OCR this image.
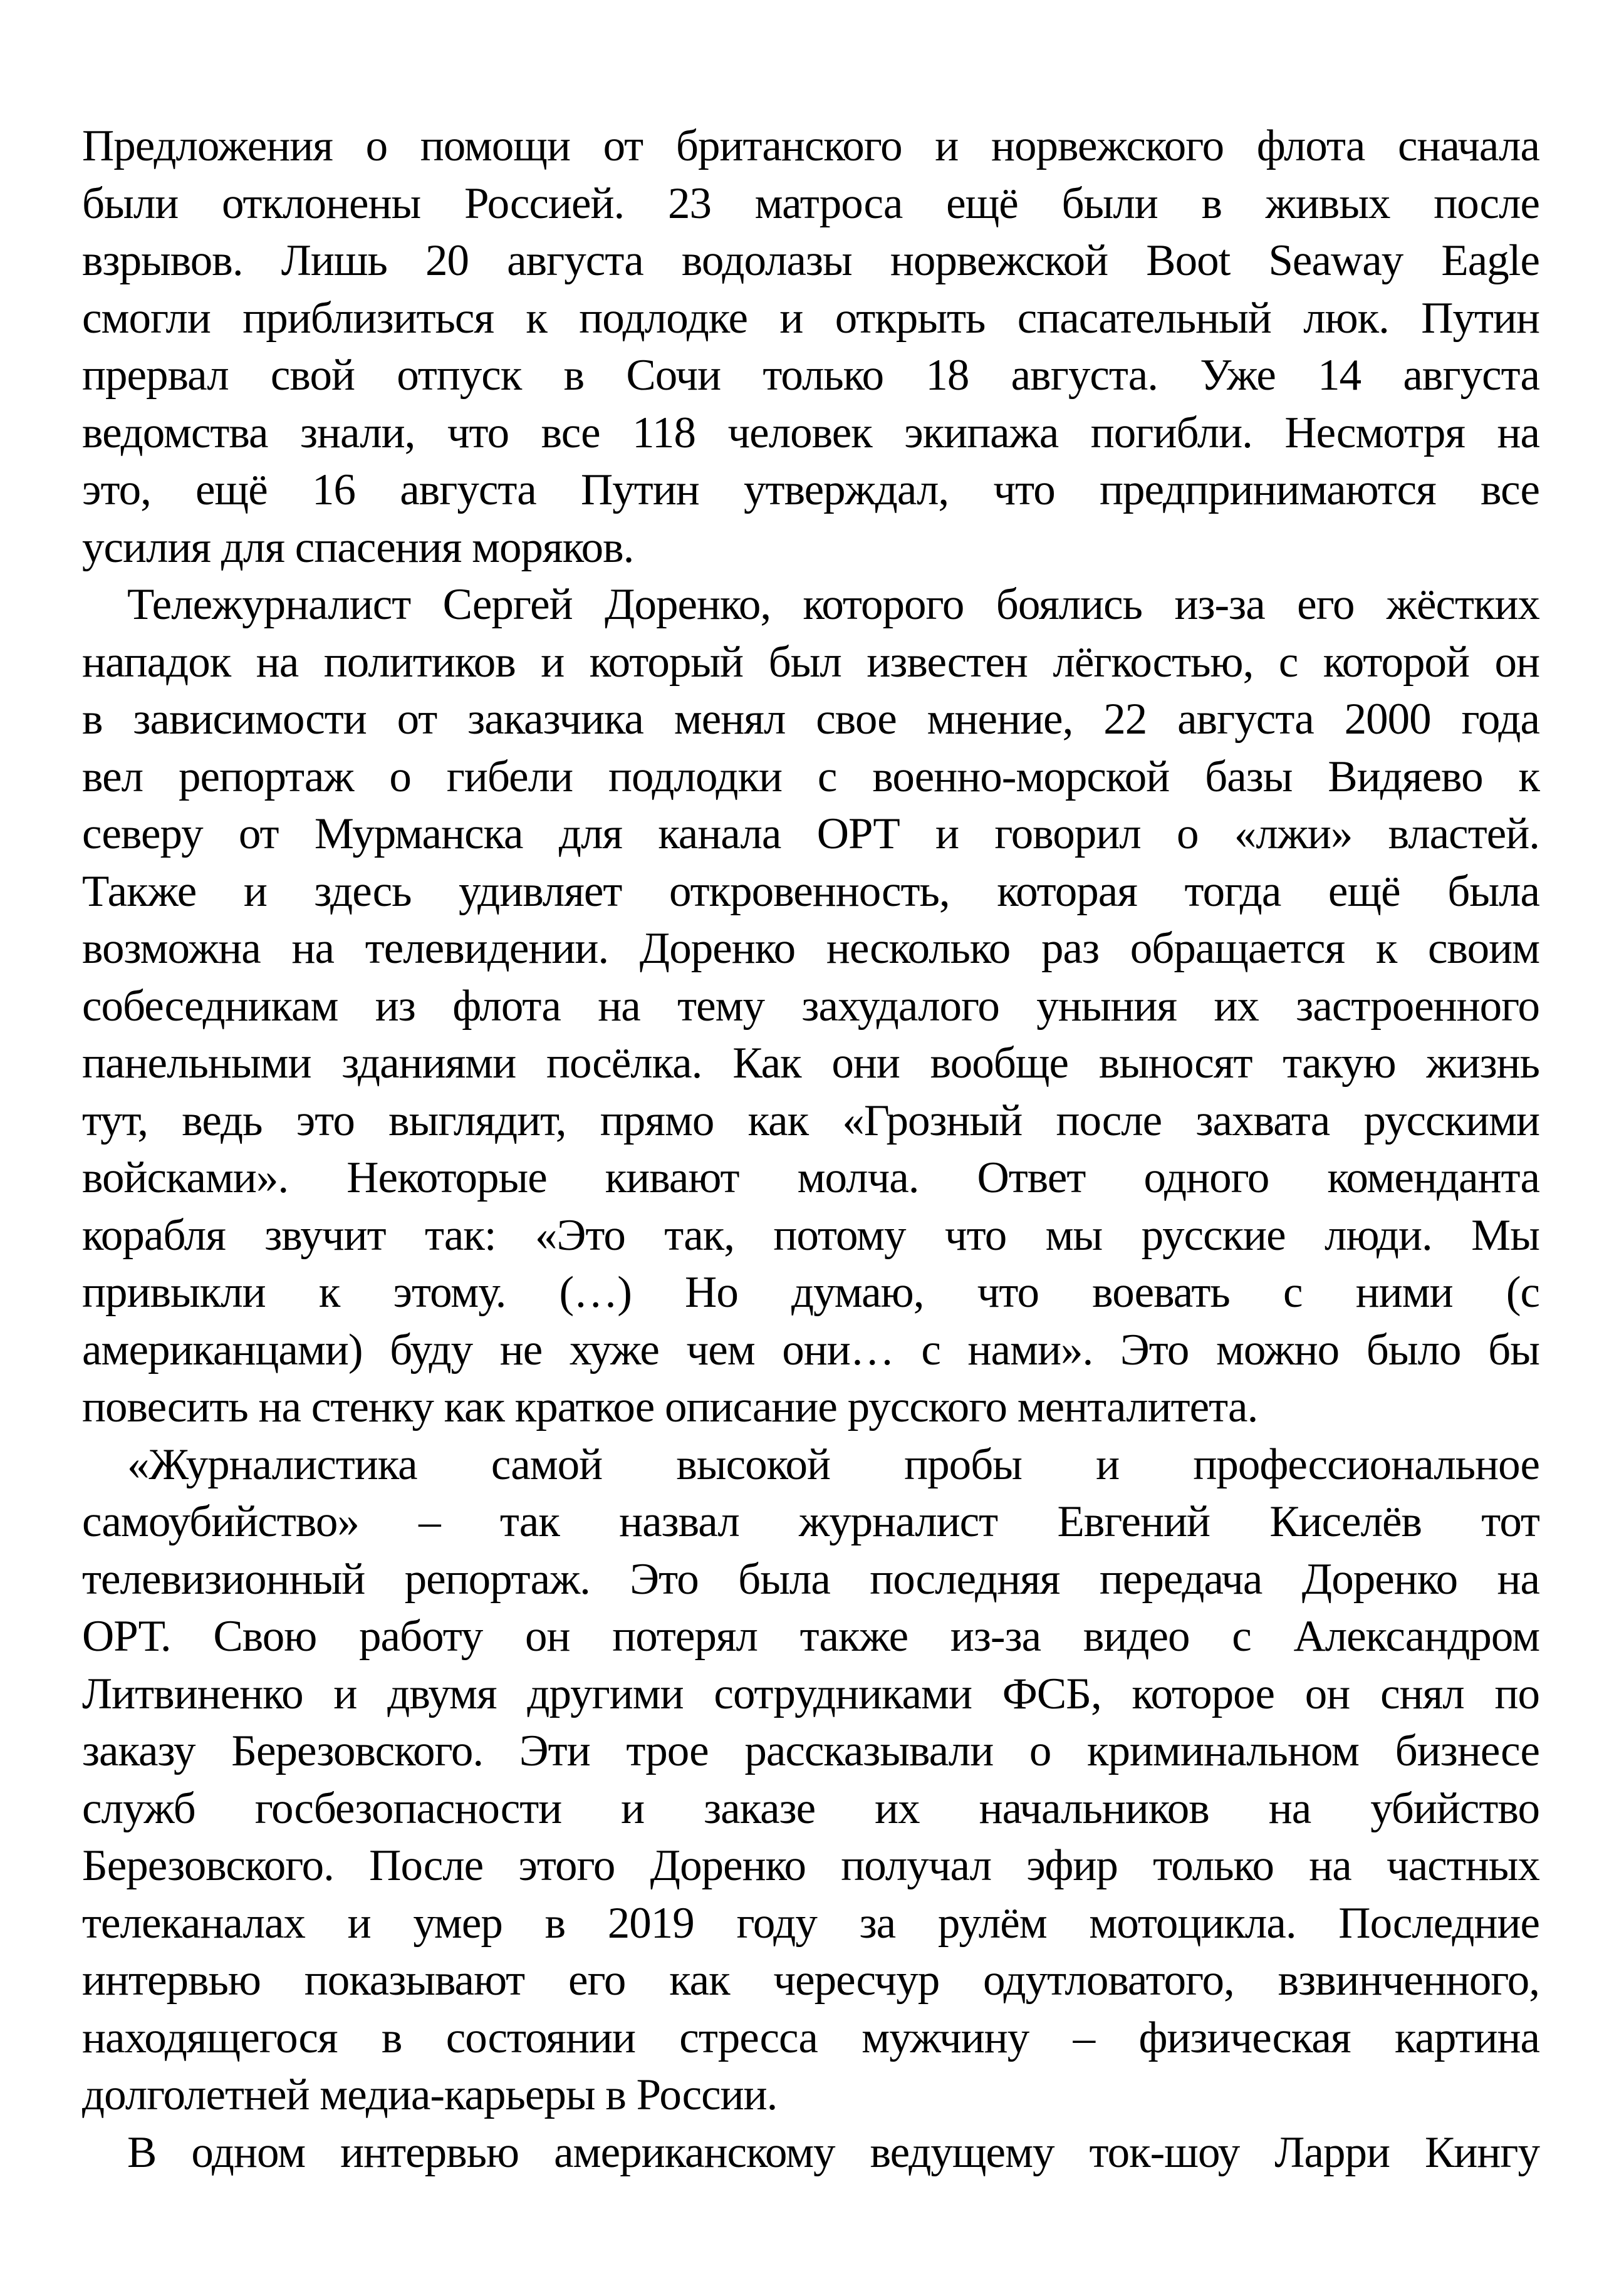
Предложения о помощи от британского и норвежского флота сначала
были отклонены Россией. 23 матроса ещё были в живых после
взрывов. Лишь 20 августа водолазы норвежской Boot Seaway Eagle
смогли приблизиться к подлодке и открыть спасательный люк. Путин
прервал свой отпуск в Сочи только 18 августа. Уже 14 августа
ведомства знали, что все 118 человек экипажа погибли. Несмотря на
это, ещё 16 августа Путин утверждал, что предпринимаются все
усилия для спасения моряков.
Тележурналист Сергей Доренко, которого боялись из-за его жёстких
нападок на политиков и который был известен лёгкостью, с которой он
в зависимости от заказчика менял свое мнение, 22 августа 2000 года
вел репортаж о гибели подлодки с военно-морской базы Видяево к
северу от Мурманска для канала ОРТ и говорил о «лжи» властей.
Также и здесь удивляет откровенность, которая тогда ещё была
возможна на телевидении. Доренко несколько раз обращается к своим
собеседникам из флота на тему захудалого уныния их застроенного
панельными зданиями посёлка. Как они вообще выносят такую жизнь
тут, ведь это выглядит, прямо как «Грозный после захвата русскими
войсками». Некоторые кивают молча. Ответ одного коменданта
корабля звучит так: «Это так, потому что мы русские люди. Мы
привыкли к этому. (…) Но думаю, что воевать с ними (с
американцами) буду не хуже чем они… с нами». Это можно было бы
повесить на стенку как краткое описание русского менталитета.
«Журналистика самой высокой пробы и профессиональное
самоубийство» – так назвал журналист Евгений Киселёв тот
телевизионный репортаж. Это была последняя передача Доренко на
ОРТ. Свою работу он потерял также из-за видео с Александром
Литвиненко и двумя другими сотрудниками ФСБ, которое он снял по
заказу Березовского. Эти трое рассказывали о криминальном бизнесе
служб госбезопасности и заказе их начальников на убийство
Березовского. После этого Доренко получал эфир только на частных
телеканалах и умер в 2019 году за рулём мотоцикла. Последние
интервью показывают его как чересчур одутловатого, взвинченного,
находящегося в состоянии стресса мужчину – физическая картина
долголетней медиа-карьеры в России.
В одном интервью американскому ведущему ток-шоу Ларри Кингу
